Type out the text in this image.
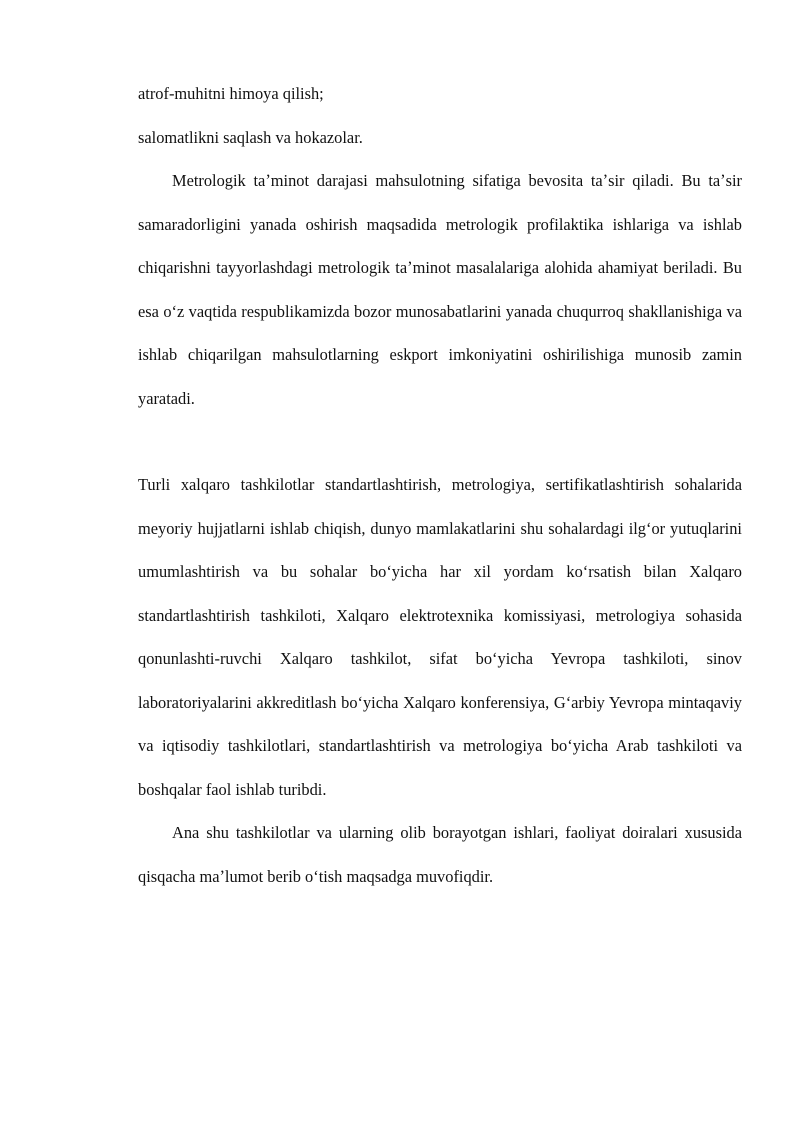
atrof-muhitni himoya qilish;

salomatlikni saqlash va hokazolar.

Metrologik taʼminot darajasi mahsulotning sifatiga bevosita taʼsir qiladi. Bu taʼsir samaradorligini yanada oshirish maqsadida metrologik profilaktika ishlariga va ishlab chiqarishni tayyorlashdagi metrologik taʼminot masalalariga alohida ahamiyat beriladi. Bu esa oʻz vaqtida respublikamizda bozor munosabatlarini yanada chuqurroq shakllanishiga va ishlab chiqarilgan mahsulotlarning eskport imkoniyatini oshirilishiga munosib zamin yaratadi.

Turli xalqaro tashkilotlar standartlashtirish, metrologiya, sertifikatlashtirish sohalarida meyoriy hujjatlarni ishlab chiqish, dunyo mamlakatlarini shu sohalardagi ilgʻor yutuqlarini umumlashtirish va bu sohalar boʻyicha har xil yordam koʻrsatish bilan Xalqaro standartlashtirish tashkiloti, Xalqaro elektrotexnika komissiyasi, metrologiya sohasida qonunlashti-ruvchi Xalqaro tashkilot, sifat boʻyicha Yevropa tashkiloti, sinov laboratoriyalarini akkreditlash boʻyicha Xalqaro konferensiya, Gʻarbiy Yevropa mintaqaviy va iqtisodiy tashkilotlari, standartlashtirish va metrologiya boʻyicha Arab tashkiloti va boshqalar faol ishlab turibdi.

Ana shu tashkilotlar va ularning olib borayotgan ishlari, faoliyat doiralari xususida qisqacha maʼlumot berib oʻtish maqsadga muvofiqdir.
